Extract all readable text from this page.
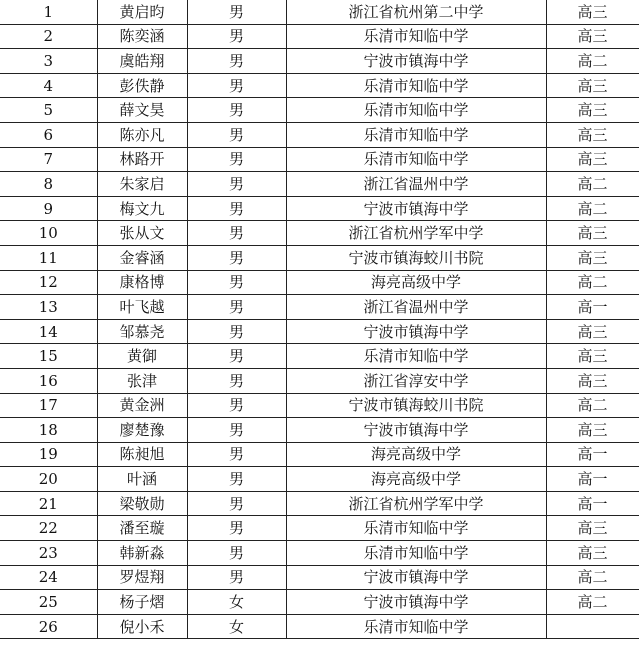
1	黄启昀	男	浙江省杭州第二中学	高三
2	陈奕涵	男	乐清市知临中学	高三
3	虞皓翔	男	宁波市镇海中学	高二
4	彭佚静	男	乐清市知临中学	高三
5	薛文昊	男	乐清市知临中学	高三
6	陈亦凡	男	乐清市知临中学	高三
7	林路开	男	乐清市知临中学	高三
8	朱家启	男	浙江省温州中学	高二
9	梅文九	男	宁波市镇海中学	高二
10	张从文	男	浙江省杭州学军中学	高三
11	金睿涵	男	宁波市镇海蛟川书院	高三
12	康格博	男	海亮高级中学	高二
13	叶飞越	男	浙江省温州中学	高一
14	邹慕尧	男	宁波市镇海中学	高三
15	黄御	男	乐清市知临中学	高三
16	张津	男	浙江省淳安中学	高三
17	黄金洲	男	宁波市镇海蛟川书院	高二
18	廖楚豫	男	宁波市镇海中学	高三
19	陈昶旭	男	海亮高级中学	高一
20	叶涵	男	海亮高级中学	高一
21	梁敬勋	男	浙江省杭州学军中学	高一
22	潘至璇	男	乐清市知临中学	高三
23	韩新淼	男	乐清市知临中学	高三
24	罗煜翔	男	宁波市镇海中学	高二
25	杨子熠	女	宁波市镇海中学	高二
26	倪小禾	女	乐清市知临中学	
